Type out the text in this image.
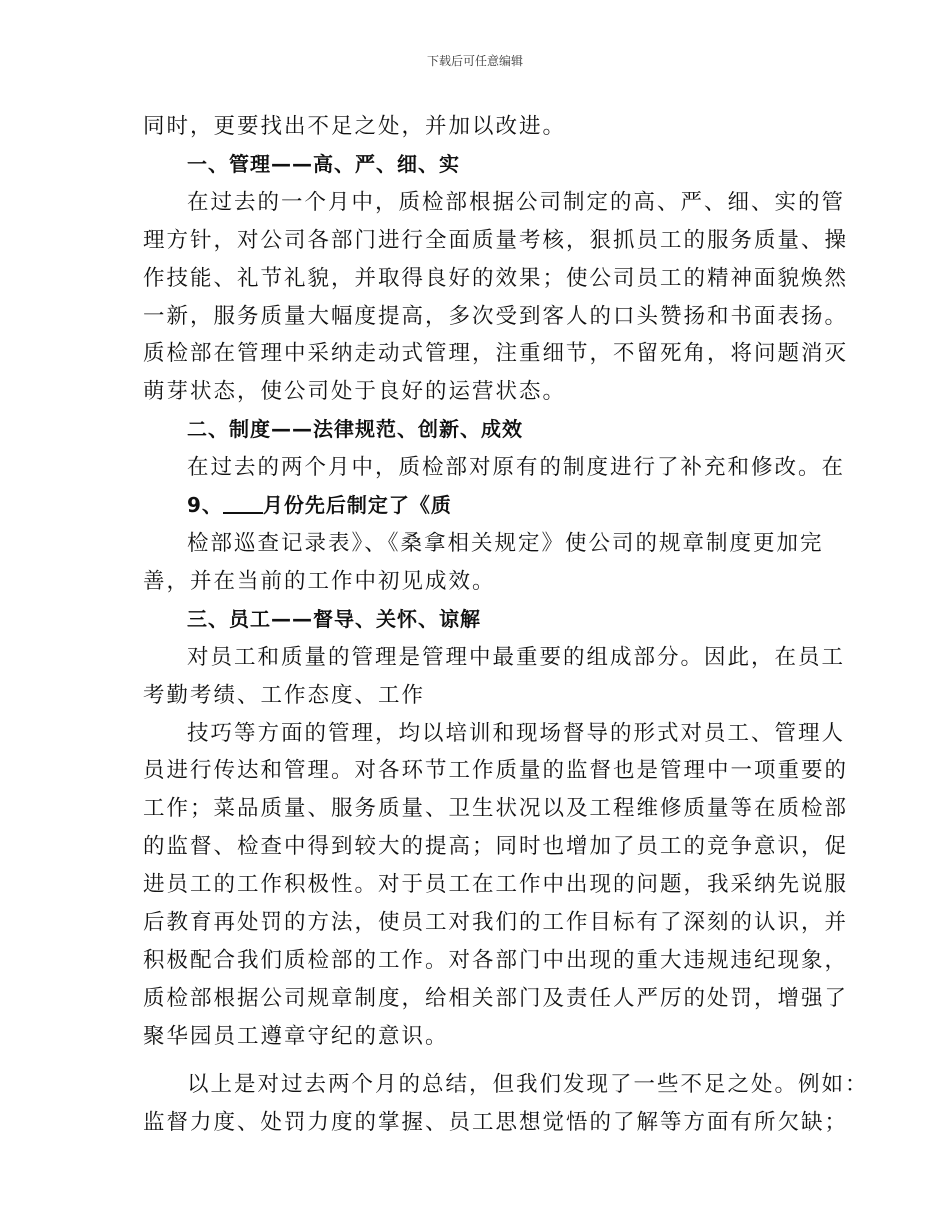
下载后可任意编辑
同时，更要找出不足之处，并加以改进。
一、管理——高、严、细、实
在过去的一个月中，质检部根据公司制定的高、严、细、实的管
理方针，对公司各部门进行全面质量考核，狠抓员工的服务质量、操
作技能、礼节礼貌，并取得良好的效果；使公司员工的精神面貌焕然
一新，服务质量大幅度提高，多次受到客人的口头赞扬和书面表扬。
质检部在管理中采纳走动式管理，注重细节，不留死角，将问题消灭
萌芽状态，使公司处于良好的运营状态。
二、制度——法律规范、创新、成效
在过去的两个月中，质检部对原有的制度进行了补充和修改。在
9、 月份先后制定了《质
检部巡查记录表》、《桑拿相关规定》使公司的规章制度更加完
善，并在当前的工作中初见成效。
三、员工——督导、关怀、谅解
对员工和质量的管理是管理中最重要的组成部分。因此，在员工
考勤考绩、工作态度、工作
技巧等方面的管理，均以培训和现场督导的形式对员工、管理人
员进行传达和管理。对各环节工作质量的监督也是管理中一项重要的
工作；菜品质量、服务质量、卫生状况以及工程维修质量等在质检部
的监督、检查中得到较大的提高；同时也增加了员工的竞争意识，促
进员工的工作积极性。对于员工在工作中出现的问题，我采纳先说服
后教育再处罚的方法，使员工对我们的工作目标有了深刻的认识，并
积极配合我们质检部的工作。对各部门中出现的重大违规违纪现象，
质检部根据公司规章制度，给相关部门及责任人严厉的处罚，增强了
聚华园员工遵章守纪的意识。
以上是对过去两个月的总结，但我们发现了一些不足之处。例如：
监督力度、处罚力度的掌握、员工思想觉悟的了解等方面有所欠缺；
